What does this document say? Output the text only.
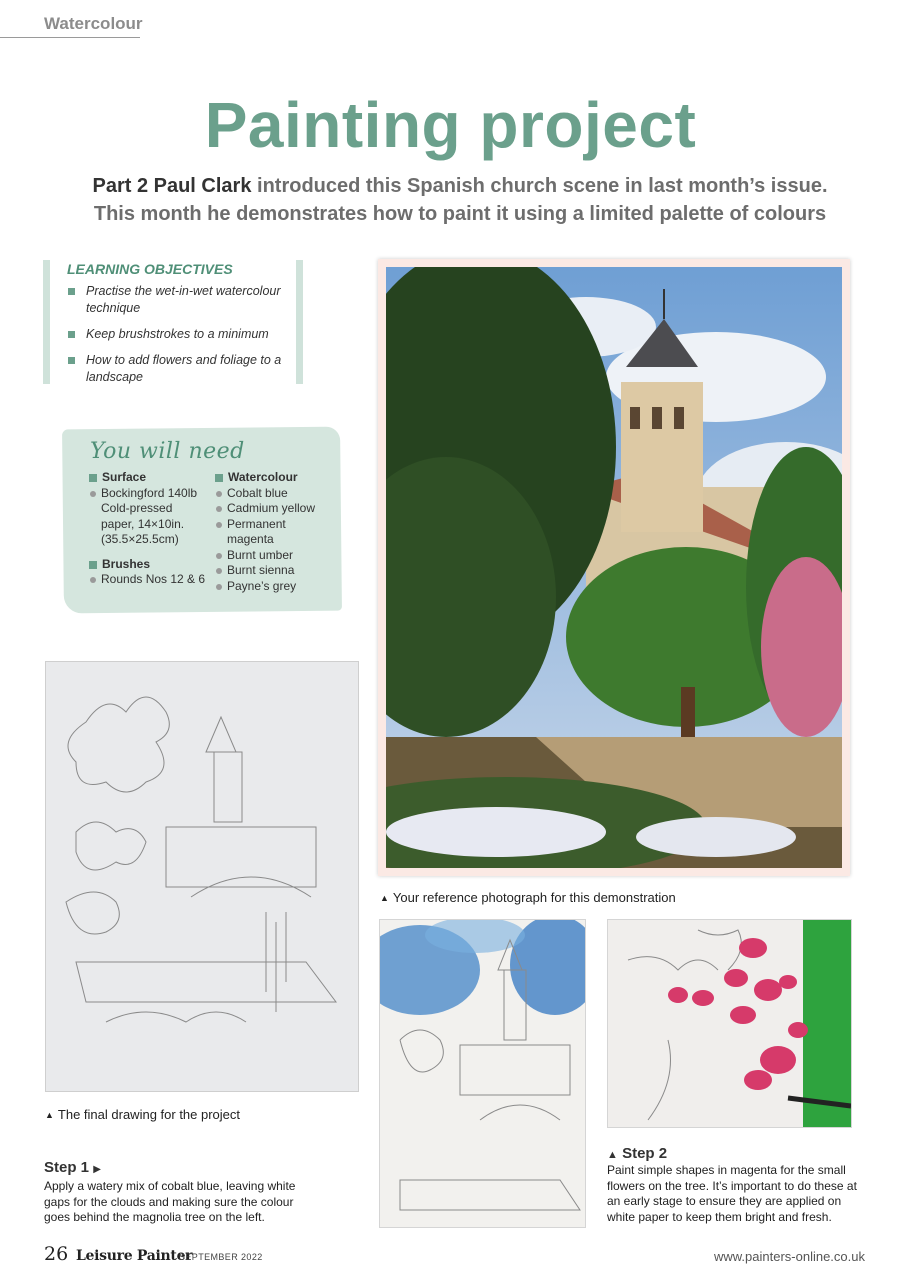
Watercolour
Painting project
Part 2 Paul Clark introduced this Spanish church scene in last month’s issue.
This month he demonstrates how to paint it using a limited palette of colours
LEARNING OBJECTIVES
Practise the wet-in-wet watercolour technique
Keep brushstrokes to a minimum
How to add flowers and foliage to a landscape
You will need
Surface
Bockingford 140lb
Cold-pressed
paper, 14×10in.
(35.5×25.5cm)
Brushes
Rounds Nos 12 & 6
Watercolour
Cobalt blue
Cadmium yellow
Permanent
magenta
Burnt umber
Burnt sienna
Payne’s grey
▲ Your reference photograph for this demonstration
▲ The final drawing for the project
Step 1 ▶
Apply a watery mix of cobalt blue, leaving white gaps for the clouds and making sure the colour goes behind the magnolia tree on the left.
▲ Step 2
Paint simple shapes in magenta for the small flowers on the tree. It’s important to do these at an early stage to ensure they are applied on white paper to keep them bright and fresh.
26 Leisure Painter
SEPTEMBER 2022	www.painters-online.co.uk
